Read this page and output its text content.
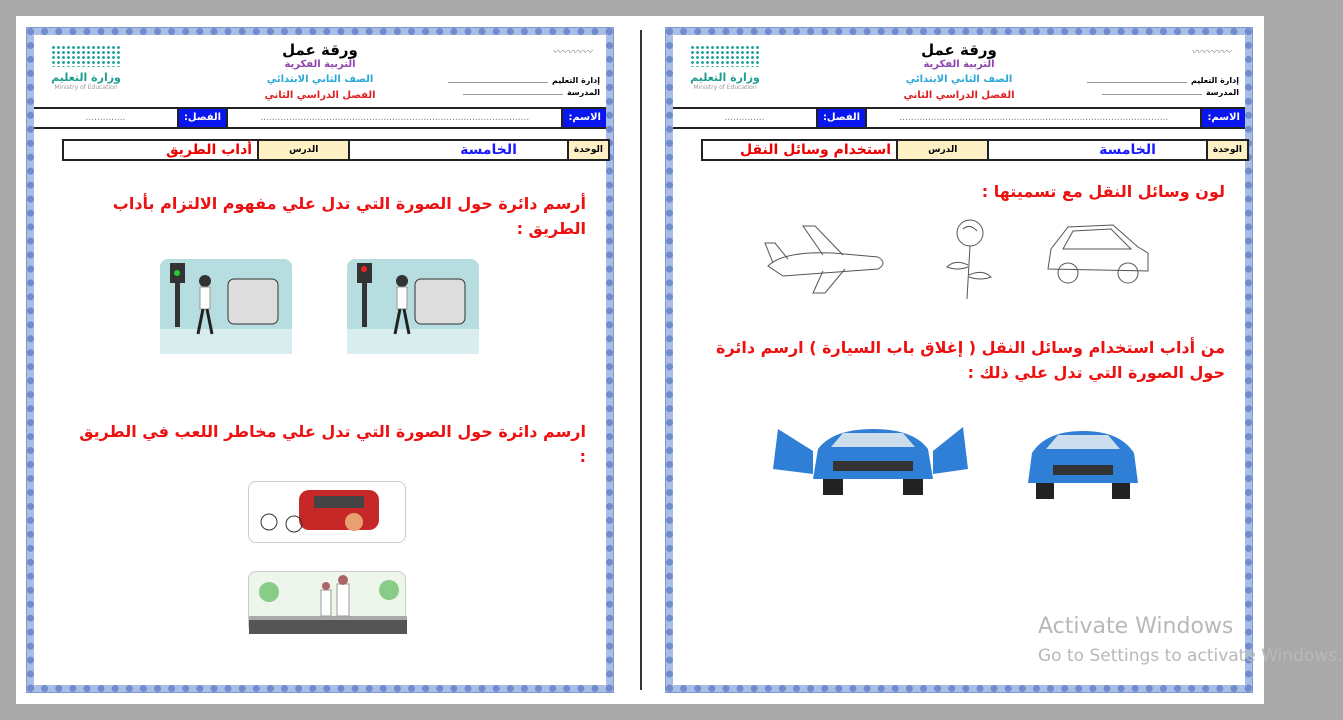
وزارة التعليم
Ministry of Education
ورقة عمل
التربية الفكرية
الصف الثاني الابتدائي
الفصل الدراسي الثاني
〰〰〰〰
إدارة التعليم
المدرسة
الاسم:
..............................................................................................
الفصل:
..............
الوحدة
الخامسة
الدرس
أداب الطريق
أرسم دائرة حول الصورة التي تدل علي مفهوم الالتزام بأداب الطريق :
ارسم دائرة حول الصورة التي تدل علي مخاطر اللعب في الطريق :
وزارة التعليم
Ministry of Education
ورقة عمل
التربية الفكرية
الصف الثاني الابتدائي
الفصل الدراسي الثاني
〰〰〰〰
إدارة التعليم
المدرسة
الاسم:
..............................................................................................
الفصل:
..............
الوحدة
الخامسة
الدرس
استخدام وسائل النقل
لون وسائل النقل مع تسميتها :
من أداب استخدام وسائل النقل ( إغلاق باب السيارة ) ارسم دائرة حول الصورة التي تدل علي ذلك :
Activate Windows
Go to Settings to activate Windows.
